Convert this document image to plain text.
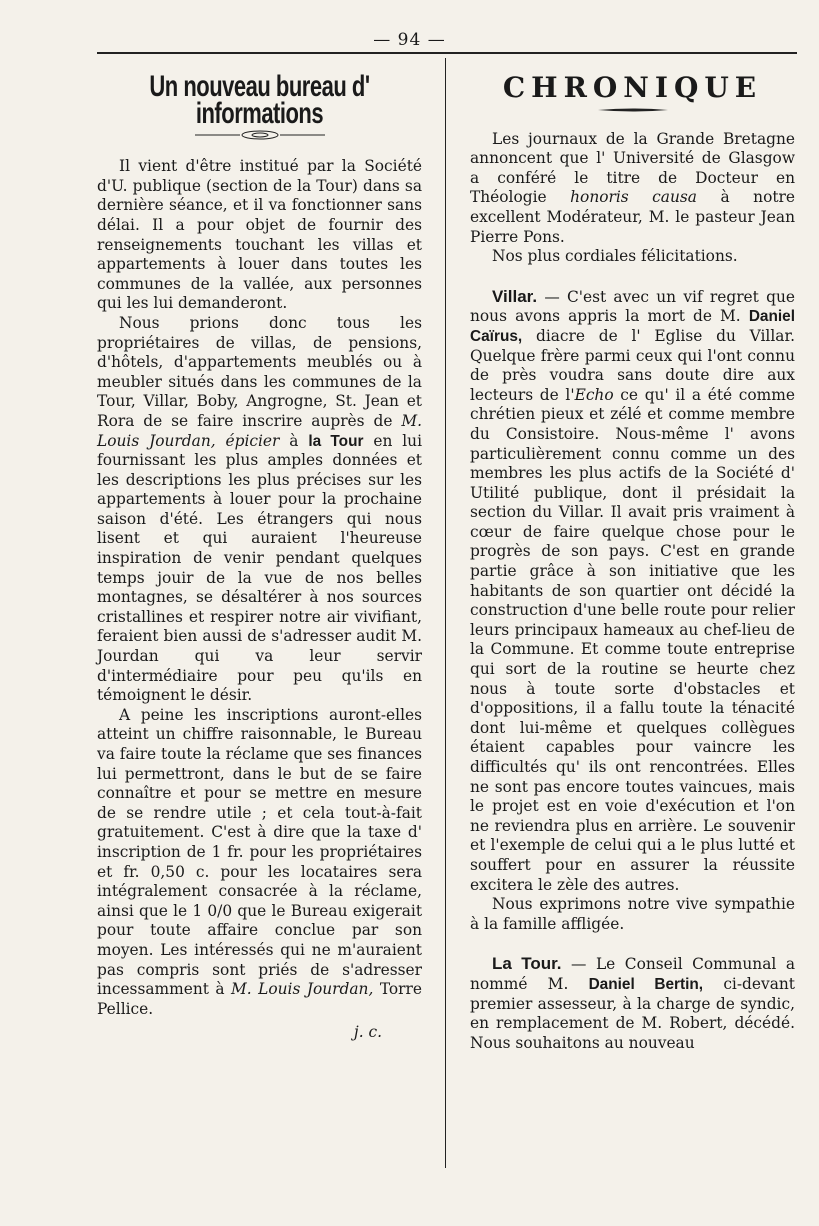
— 94 —
Un nouveau bureau d' informations

Il vient d'être institué par la Société d'U. publique (section de la Tour) dans sa dernière séance, et il va fonctionner sans délai. Il a pour objet de fournir des renseignements touchant les villas et appartements à louer dans toutes les communes de la vallée, aux personnes qui les lui demanderont.

Nous prions donc tous les propriétaires de villas, de pensions, d'hôtels, d'appartements meublés ou à meubler situés dans les communes de la Tour, Villar, Boby, Angrogne, St. Jean et Rora de se faire inscrire auprès de M. Louis Jourdan, épicier à la Tour en lui fournissant les plus amples données et les descriptions les plus précises sur les appartements à louer pour la prochaine saison d'été. Les étrangers qui nous lisent et qui auraient l'heureuse inspiration de venir pendant quelques temps jouir de la vue de nos belles montagnes, se désaltérer à nos sources cristallines et respirer notre air vivifiant, feraient bien aussi de s'adresser audit M. Jourdan qui va leur servir d'intermédiaire pour peu qu'ils en témoignent le désir.

A peine les inscriptions auront-elles atteint un chiffre raisonnable, le Bureau va faire toute la réclame que ses finances lui permettront, dans le but de se faire connaître et pour se mettre en mesure de se rendre utile ; et cela tout-à-fait gratuitement. C'est à dire que la taxe d' inscription de 1 fr. pour les propriétaires et fr. 0,50 c. pour les locataires sera intégralement consacrée à la réclame, ainsi que le 1 0/0 que le Bureau exigerait pour toute affaire conclue par son moyen. Les intéressés qui ne m'auraient pas compris sont priés de s'adresser incessamment à M. Louis Jourdan, Torre Pellice.

j. c.
CHRONIQUE

Les journaux de la Grande Bretagne annoncent que l' Université de Glasgow a conféré le titre de Docteur en Théologie honoris causa à notre excellent Modérateur, M. le pasteur Jean Pierre Pons.

Nos plus cordiales félicitations.

Villar. — C'est avec un vif regret que nous avons appris la mort de M. Daniel Caïrus, diacre de l' Eglise du Villar. Quelque frère parmi ceux qui l'ont connu de près voudra sans doute dire aux lecteurs de l'Echo ce qu' il a été comme chrétien pieux et zélé et comme membre du Consistoire. Nous-même l' avons particulièrement connu comme un des membres les plus actifs de la Société d' Utilité publique, dont il présidait la section du Villar. Il avait pris vraiment à cœur de faire quelque chose pour le progrès de son pays. C'est en grande partie grâce à son initiative que les habitants de son quartier ont décidé la construction d'une belle route pour relier leurs principaux hameaux au chef-lieu de la Commune. Et comme toute entreprise qui sort de la routine se heurte chez nous à toute sorte d'obstacles et d'oppositions, il a fallu toute la ténacité dont lui-même et quelques collègues étaient capables pour vaincre les difficultés qu' ils ont rencontrées. Elles ne sont pas encore toutes vaincues, mais le projet est en voie d'exécution et l'on ne reviendra plus en arrière. Le souvenir et l'exemple de celui qui a le plus lutté et souffert pour en assurer la réussite excitera le zèle des autres.

Nous exprimons notre vive sympathie à la famille affligée.

La Tour. — Le Conseil Communal a nommé M. Daniel Bertin, ci-devant premier assesseur, à la charge de syndic, en remplacement de M. Robert, décédé. Nous souhaitons au nouveau
